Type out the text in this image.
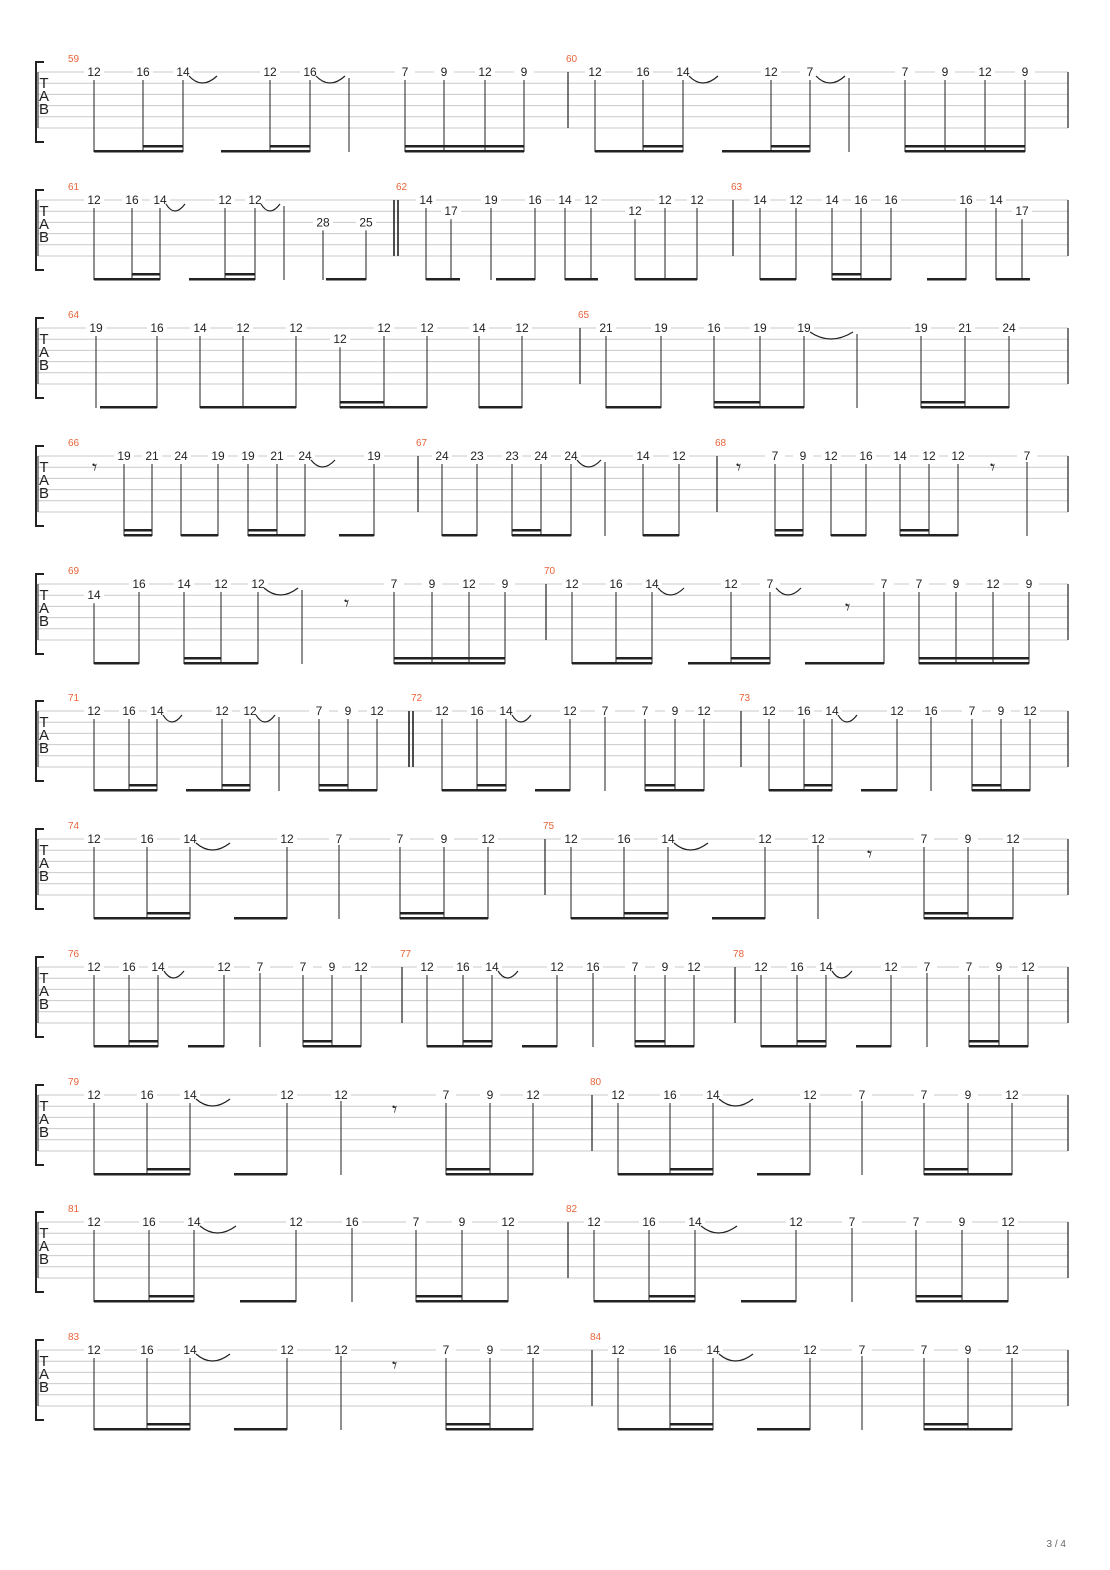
T
A
B
59
12	16 14	12 16	7	9	12 9
60
12	16 14	12 7	7	9 12 9
T
A
B
61
12 16 14	12 12
28 25
62
14
17
19	16 14 12
12
12 12
63
14 12 14 16 16	16 14
17
T
A
B
64
19	16 14 12	12
12
12 12	14 12
65
21	19	16	19	19	19	21	24
T
A
B
66
19 21 24 19 19 21 24	19
67
24 23 23 24 24	14 12
68
7 9 12 16 14 12 12	7
𝄾	𝄾	𝄾
T
A
B
69
14
16	14 12 12	7	9 12 9
70
12	16 14	12 7	7 7	9 12 9
𝄾	𝄾
T
A
B
71
12 16 14	12 12	7 9 12
72
12 16 14	12 7	7 9 12
73
12 16 14	12 16	7 9 12
T
A
B
74
12	16 14	12	7	7	9	12
75
12	16	14	12	12	7	9	12
𝄾
T
A
B
76
12 16 14	12 7	7 9 12
77
12 16 14	12 16	7 9 12
78
12 16 14	12 7	7 9 12
T
A
B
79
12	16 14	12	12	7	9	12
80
12	16 14	12	7	7	9	12
𝄾
T
A
B
81
12	16	14	12	16	7	9	12
82
12	16	14	12	7	7	9	12
T
A
B
83
12	16 14	12	12	7	9	12
84
12	16 14	12	7	7	9	12
𝄾
3 / 4
